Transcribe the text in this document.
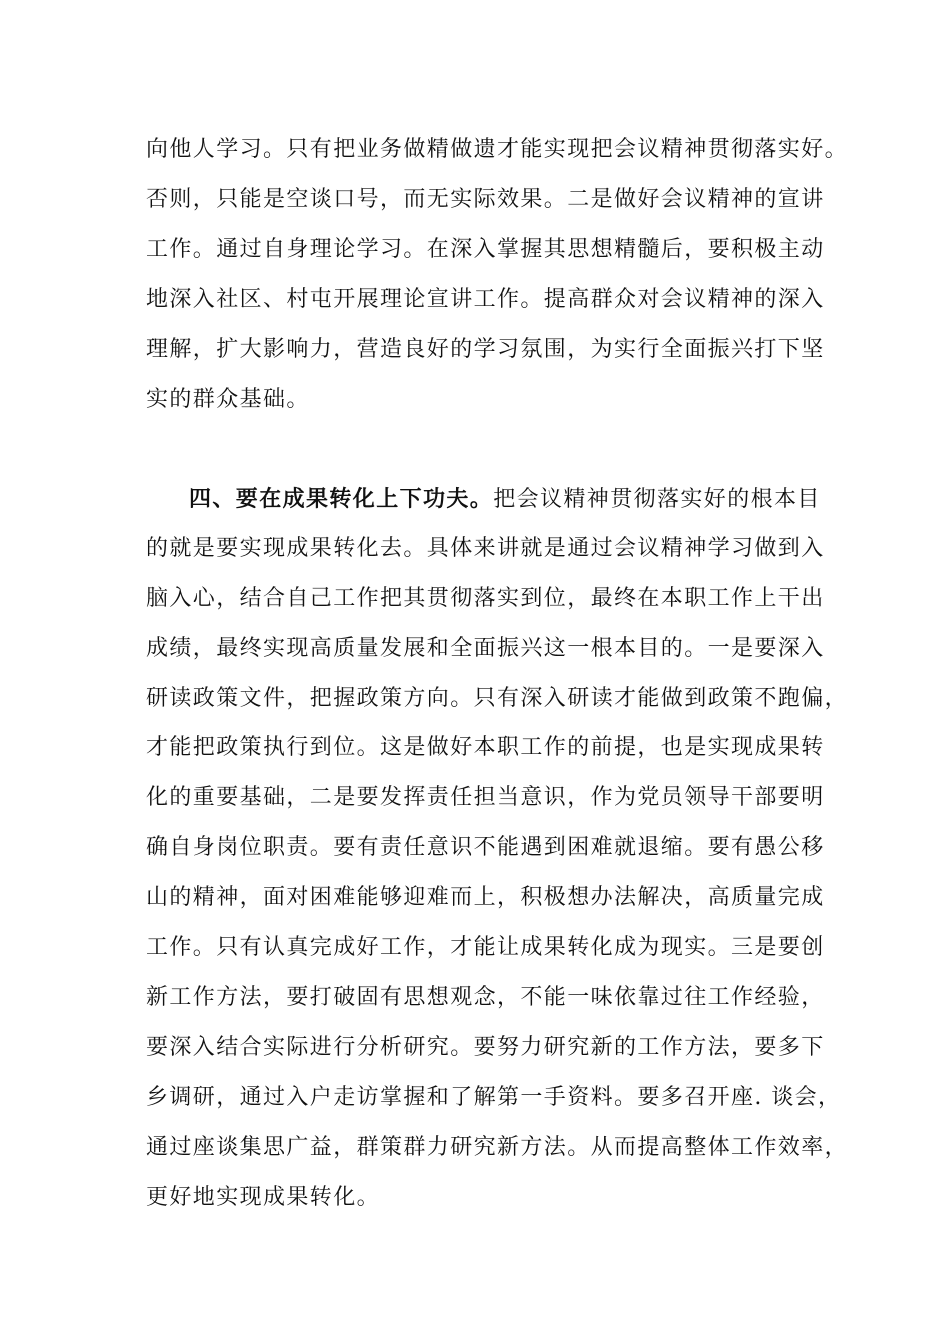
向他人学习。只有把业务做精做遗才能实现把会议精神贯彻落实好。
否则，只能是空谈口号，而无实际效果。二是做好会议精神的宣讲
工作。通过自身理论学习。在深入掌握其思想精髓后，要积极主动
地深入社区、村屯开展理论宣讲工作。提高群众对会议精神的深入
理解，扩大影响力，营造良好的学习氛围，为实行全面振兴打下坚
实的群众基础。
四、要在成果转化上下功夫。把会议精神贯彻落实好的根本目
的就是要实现成果转化去。具体来讲就是通过会议精神学习做到入
脑入心，结合自己工作把其贯彻落实到位，最终在本职工作上干出
成绩，最终实现高质量发展和全面振兴这一根本目的。一是要深入
研读政策文件，把握政策方向。只有深入研读才能做到政策不跑偏，
才能把政策执行到位。这是做好本职工作的前提，也是实现成果转
化的重要基础，二是要发挥责任担当意识，作为党员领导干部要明
确自身岗位职责。要有责任意识不能遇到困难就退缩。要有愚公移
山的精神，面对困难能够迎难而上，积极想办法解决，高质量完成
工作。只有认真完成好工作，才能让成果转化成为现实。三是要创
新工作方法，要打破固有思想观念，不能一味依靠过往工作经验，
要深入结合实际进行分析研究。要努力研究新的工作方法，要多下
乡调研，通过入户走访掌握和了解第一手资料。要多召开座. 谈会，
通过座谈集思广益，群策群力研究新方法。从而提高整体工作效率，
更好地实现成果转化。
